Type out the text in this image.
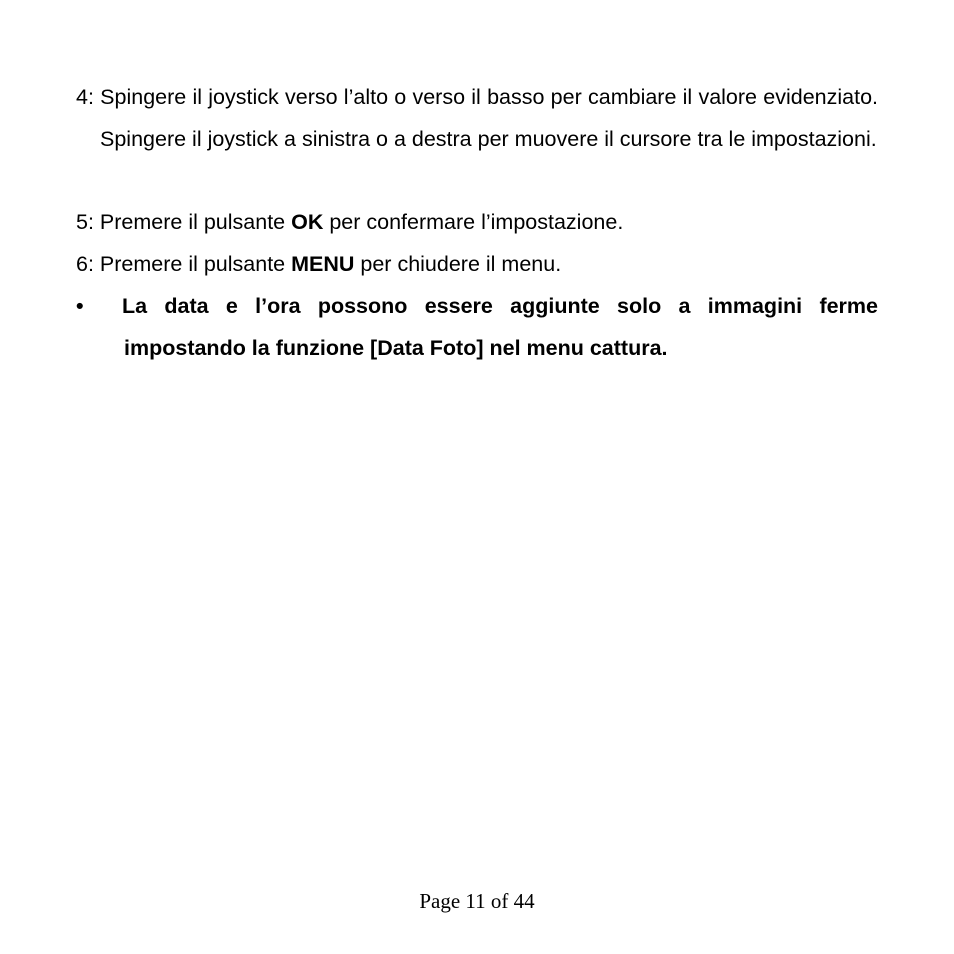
4: Spingere il joystick verso l’alto o verso il basso per cambiare il valore evidenziato. Spingere il joystick a sinistra o a destra per muovere il cursore tra le impostazioni.

5: Premere il pulsante OK per confermare l’impostazione.

6: Premere il pulsante MENU per chiudere il menu.

•	La data e l’ora possono essere aggiunte solo a immagini ferme
impostando la funzione [Data Foto] nel menu cattura.
Page 11 of 44
